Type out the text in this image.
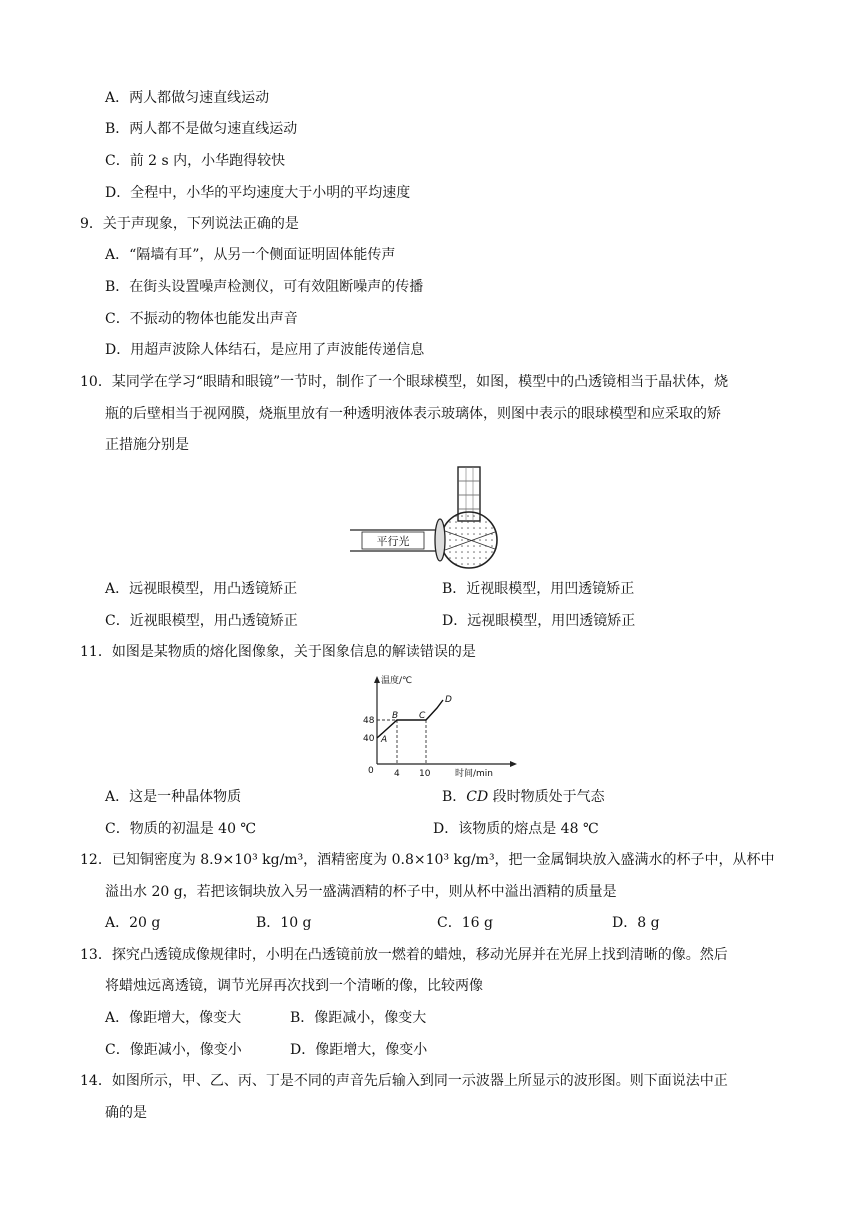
A．两人都做匀速直线运动
B．两人都不是做匀速直线运动
C．前 2 s 内，小华跑得较快
D．全程中，小华的平均速度大于小明的平均速度
9．关于声现象，下列说法正确的是
A．“隔墙有耳”，从另一个侧面证明固体能传声
B．在街头设置噪声检测仪，可有效阻断噪声的传播
C．不振动的物体也能发出声音
D．用超声波除人体结石，是应用了声波能传递信息
10．某同学在学习“眼睛和眼镜”一节时，制作了一个眼球模型，如图，模型中的凸透镜相当于晶状体，烧
瓶的后壁相当于视网膜，烧瓶里放有一种透明液体表示玻璃体，则图中表示的眼球模型和应采取的矫
正措施分别是
平行光
A．远视眼模型，用凸透镜矫正	B．近视眼模型，用凹透镜矫正
C．近视眼模型，用凸透镜矫正	D．远视眼模型，用凹透镜矫正
11．如图是某物质的熔化图像象，关于图象信息的解读错误的是
温度/℃
时间/min
0
40
48
4 10
A
B C
D
A．这是一种晶体物质	B．CD 段时物质处于气态
C．物质的初温是 40 ℃	D．该物质的熔点是 48 ℃
12．已知铜密度为 8.9×10³ kg/m³，酒精密度为 0.8×10³ kg/m³，把一金属铜块放入盛满水的杯子中，从杯中
溢出水 20 g，若把该铜块放入另一盛满酒精的杯子中，则从杯中溢出酒精的质量是
A．20 g	B．10 g	C．16 g	D．8 g
13．探究凸透镜成像规律时，小明在凸透镜前放一燃着的蜡烛，移动光屏并在光屏上找到清晰的像。然后
将蜡烛远离透镜，调节光屏再次找到一个清晰的像，比较两像
A．像距增大，像变大	B．像距减小，像变大
C．像距减小，像变小	D．像距增大，像变小
14．如图所示，甲、乙、丙、丁是不同的声音先后输入到同一示波器上所显示的波形图。则下面说法中正
确的是
